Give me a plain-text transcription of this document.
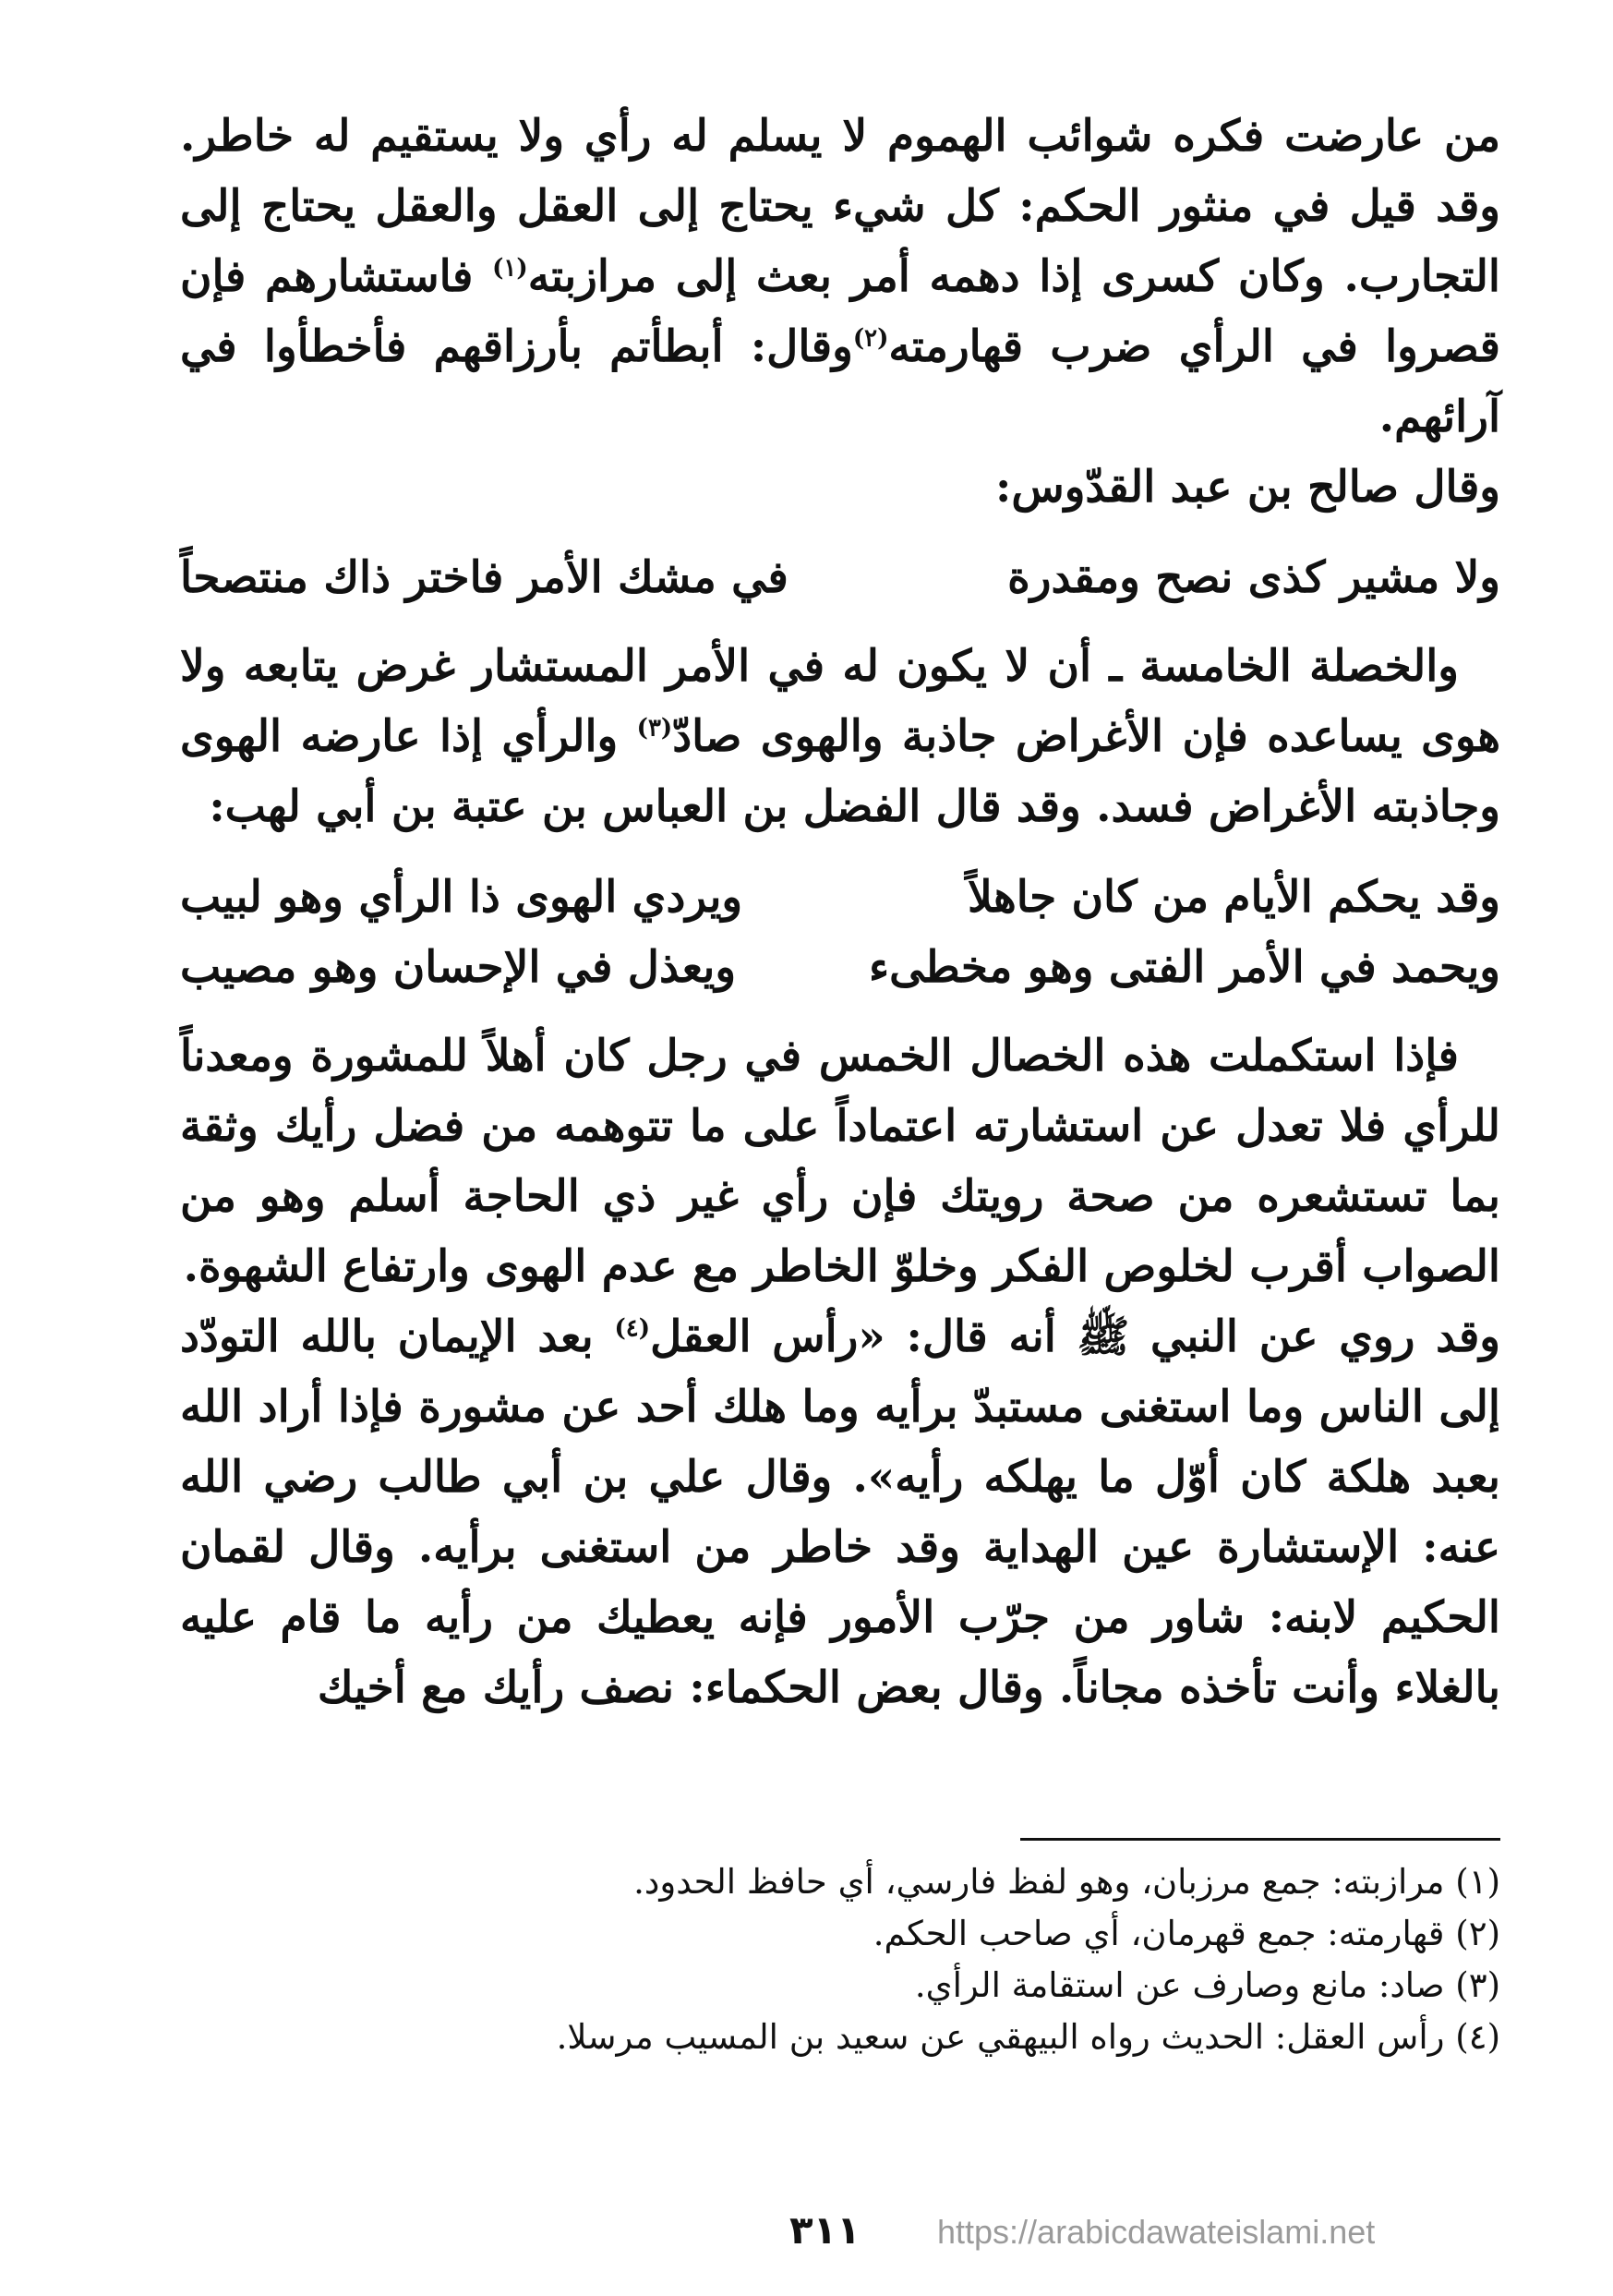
من عارضت فكره شوائب الهموم لا يسلم له رأي ولا يستقيم له خاطر. وقد قيل في منثور الحكم: كل شيء يحتاج إلى العقل والعقل يحتاج إلى التجارب. وكان كسرى إذا دهمه أمر بعث إلى مرازبته$^{(١)}$ فاستشارهم فإن قصروا في الرأي ضرب قهارمته$^{(٢)}$وقال: أبطأتم بأرزاقهم فأخطأوا في آرائهم.

وقال صالح بن عبد القدّوس:

ولا مشير كذى نصح ومقدرة
في مشك الأمر فاختر ذاك منتصحاً

والخصلة الخامسة ـ أن لا يكون له في الأمر المستشار غرض يتابعه ولا هوى يساعده فإن الأغراض جاذبة والهوى صادّ$^{(٣)}$ والرأي إذا عارضه الهوى وجاذبته الأغراض فسد. وقد قال الفضل بن العباس بن عتبة بن أبي لهب:

وقد يحكم الأيام من كان جاهلاً
ويردي الهوى ذا الرأي وهو لبيب
ويحمد في الأمر الفتى وهو مخطىء
ويعذل في الإحسان وهو مصيب

فإذا استكملت هذه الخصال الخمس في رجل كان أهلاً للمشورة ومعدناً للرأي فلا تعدل عن استشارته اعتماداً على ما تتوهمه من فضل رأيك وثقة بما تستشعره من صحة رويتك فإن رأي غير ذي الحاجة أسلم وهو من الصواب أقرب لخلوص الفكر وخلوّ الخاطر مع عدم الهوى وارتفاع الشهوة.

وقد روي عن النبي ﷺ أنه قال: «رأس العقل$^{(٤)}$ بعد الإيمان بالله التودّد إلى الناس وما استغنى مستبدّ برأيه وما هلك أحد عن مشورة فإذا أراد الله بعبد هلكة كان أوّل ما يهلكه رأيه». وقال علي بن أبي طالب رضي الله عنه: الإستشارة عين الهداية وقد خاطر من استغنى برأيه. وقال لقمان الحكيم لابنه: شاور من جرّب الأمور فإنه يعطيك من رأيه ما قام عليه بالغلاء وأنت تأخذه مجاناً. وقال بعض الحكماء: نصف رأيك مع أخيك

(١) مرازبته: جمع مرزبان، وهو لفظ فارسي، أي حافظ الحدود.

(٢) قهارمته: جمع قهرمان، أي صاحب الحكم.

(٣) صاد: مانع وصارف عن استقامة الرأي.

(٤) رأس العقل: الحديث رواه البيهقي عن سعيد بن المسيب مرسلا.

٣١١ https://arabicdawateislami.net
